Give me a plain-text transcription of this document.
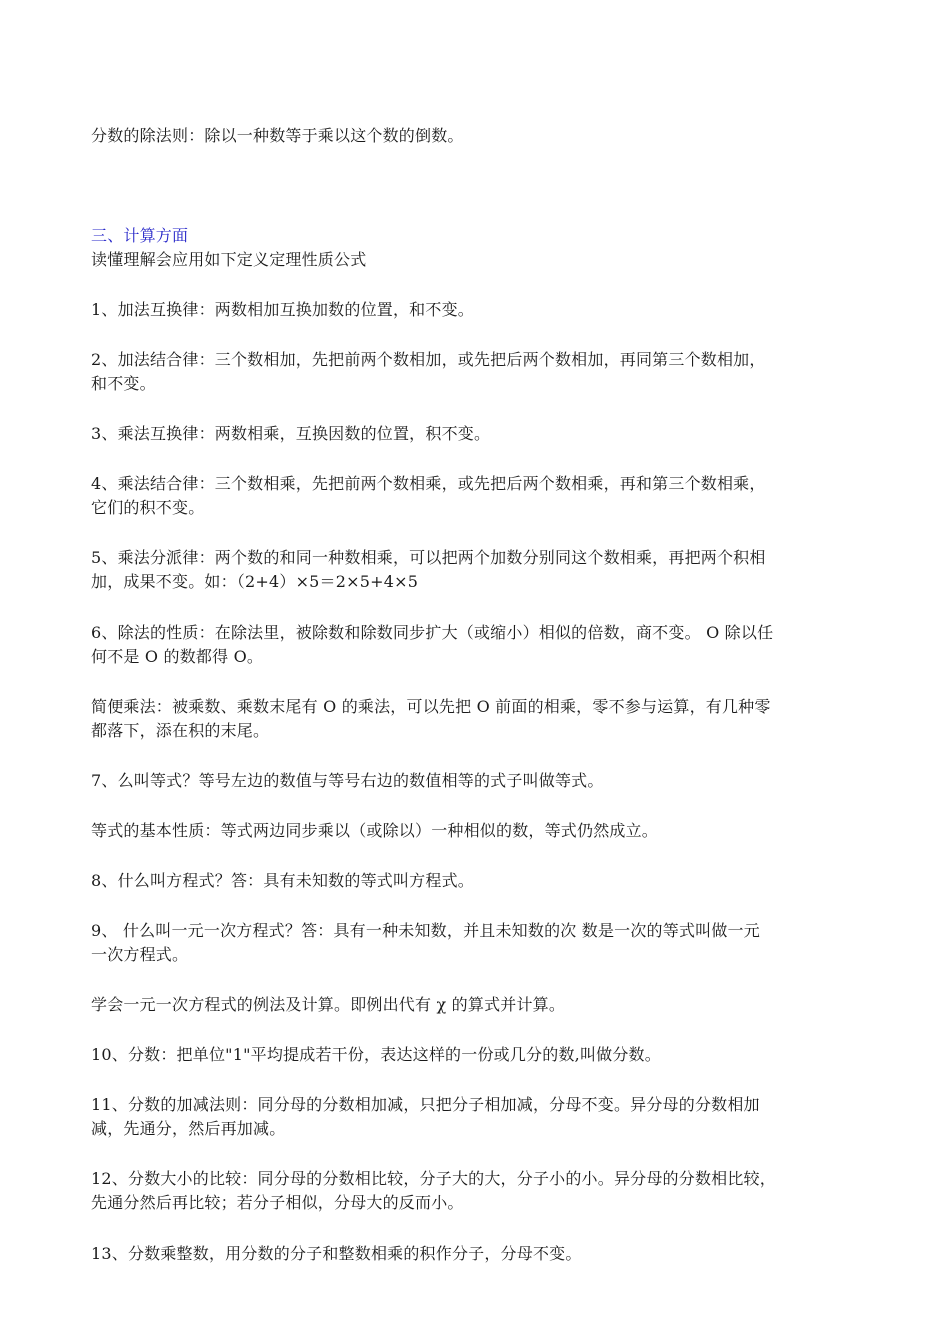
分数的除法则：除以一种数等于乘以这个数的倒数。
三、计算方面
读懂理解会应用如下定义定理性质公式
1、加法互换律：两数相加互换加数的位置，和不变。
2、加法结合律：三个数相加，先把前两个数相加，或先把后两个数相加，再同第三个数相加，
和不变。
3、乘法互换律：两数相乘，互换因数的位置，积不变。
4、乘法结合律：三个数相乘，先把前两个数相乘，或先把后两个数相乘，再和第三个数相乘，
它们的积不变。
5、乘法分派律：两个数的和同一种数相乘，可以把两个加数分别同这个数相乘，再把两个积相
加，成果不变。如：（2+4）×5＝2×5+4×5
6、除法的性质：在除法里，被除数和除数同步扩大（或缩小）相似的倍数，商不变。 O 除以任
何不是 O 的数都得 O。
简便乘法：被乘数、乘数末尾有 O 的乘法，可以先把 O 前面的相乘，零不参与运算，有几种零
都落下，添在积的末尾。
7、么叫等式？等号左边的数值与等号右边的数值相等的式子叫做等式。
等式的基本性质：等式两边同步乘以（或除以）一种相似的数，等式仍然成立。
8、什么叫方程式？答：具有未知数的等式叫方程式。
9、 什么叫一元一次方程式？答：具有一种未知数，并且未知数的次 数是一次的等式叫做一元
一次方程式。
学会一元一次方程式的例法及计算。即例出代有 χ 的算式并计算。
10、分数：把单位"1"平均提成若干份，表达这样的一份或几分的数,叫做分数。
11、分数的加减法则：同分母的分数相加减，只把分子相加减，分母不变。异分母的分数相加
减，先通分，然后再加减。
12、分数大小的比较：同分母的分数相比较，分子大的大，分子小的小。异分母的分数相比较，
先通分然后再比较；若分子相似，分母大的反而小。
13、分数乘整数，用分数的分子和整数相乘的积作分子，分母不变。
